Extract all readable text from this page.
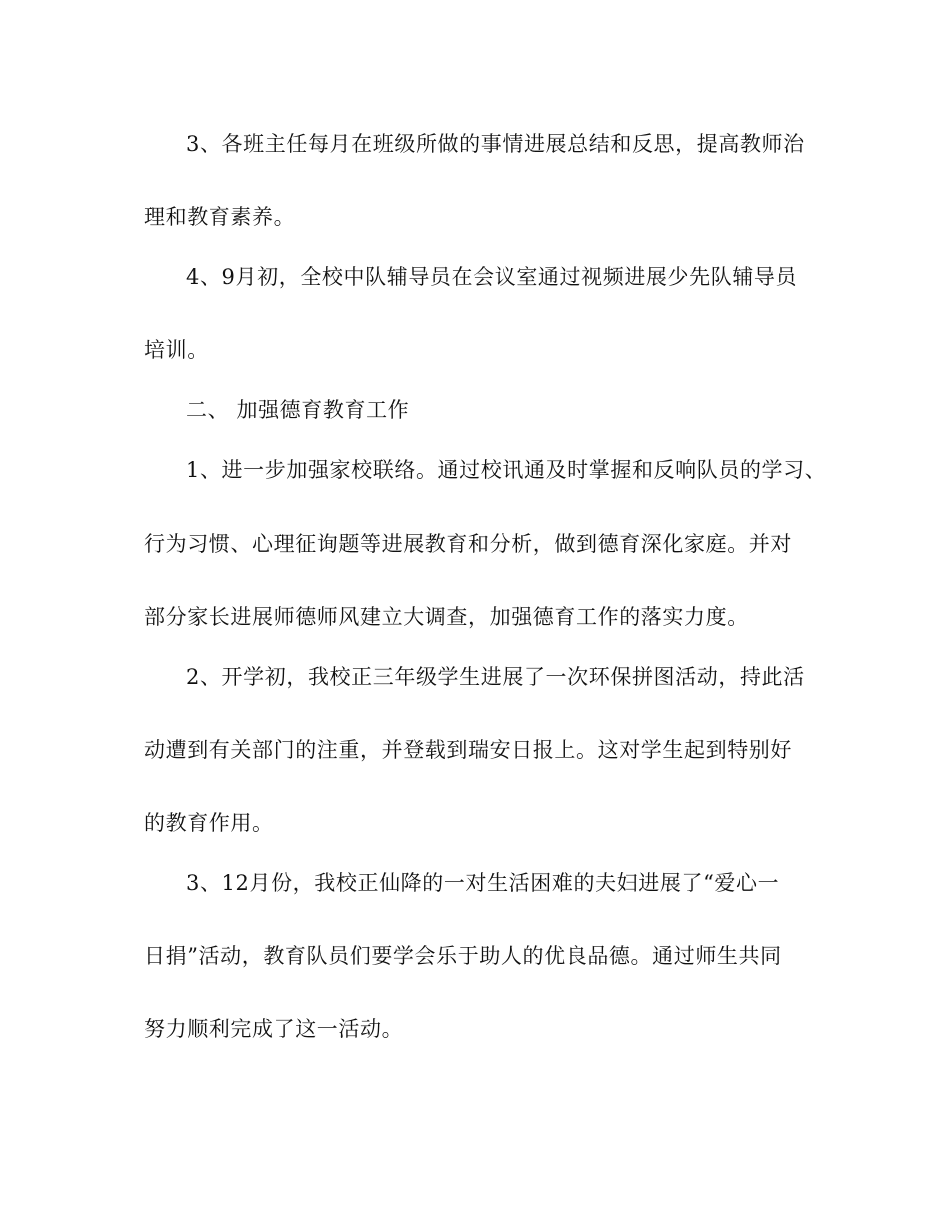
3、各班主任每月在班级所做的事情进展总结和反思，提高教师治
理和教育素养。
4、9月初，全校中队辅导员在会议室通过视频进展少先队辅导员
培训。
二、 加强德育教育工作
1、进一步加强家校联络。通过校讯通及时掌握和反响队员的学习、
行为习惯、心理征询题等进展教育和分析，做到德育深化家庭。并对
部分家长进展师德师风建立大调查，加强德育工作的落实力度。
2、开学初，我校正三年级学生进展了一次环保拼图活动，持此活
动遭到有关部门的注重，并登载到瑞安日报上。这对学生起到特别好
的教育作用。
3、12月份，我校正仙降的一对生活困难的夫妇进展了“爱心一
日捐”活动，教育队员们要学会乐于助人的优良品德。通过师生共同
努力顺利完成了这一活动。
